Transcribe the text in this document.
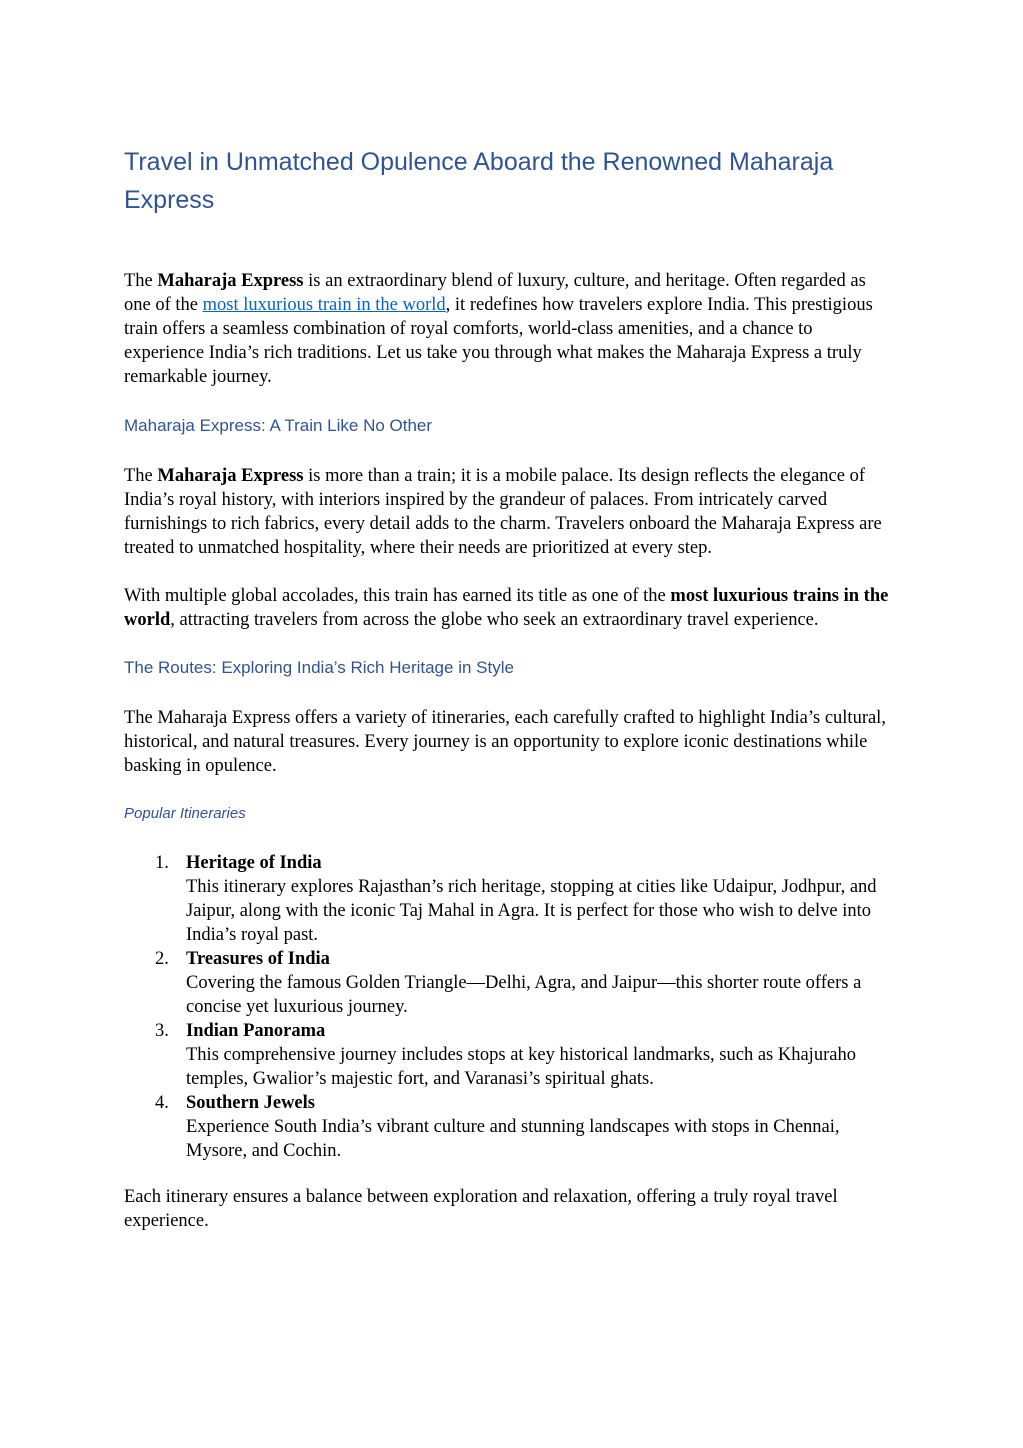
Travel in Unmatched Opulence Aboard the Renowned Maharaja Express

The Maharaja Express is an extraordinary blend of luxury, culture, and heritage. Often regarded as one of the most luxurious train in the world, it redefines how travelers explore India. This prestigious train offers a seamless combination of royal comforts, world-class amenities, and a chance to experience India’s rich traditions. Let us take you through what makes the Maharaja Express a truly remarkable journey.

Maharaja Express: A Train Like No Other

The Maharaja Express is more than a train; it is a mobile palace. Its design reflects the elegance of India’s royal history, with interiors inspired by the grandeur of palaces. From intricately carved furnishings to rich fabrics, every detail adds to the charm. Travelers onboard the Maharaja Express are treated to unmatched hospitality, where their needs are prioritized at every step.

With multiple global accolades, this train has earned its title as one of the most luxurious trains in the world, attracting travelers from across the globe who seek an extraordinary travel experience.

The Routes: Exploring India’s Rich Heritage in Style

The Maharaja Express offers a variety of itineraries, each carefully crafted to highlight India’s cultural, historical, and natural treasures. Every journey is an opportunity to explore iconic destinations while basking in opulence.

Popular Itineraries
1. Heritage of India
This itinerary explores Rajasthan’s rich heritage, stopping at cities like Udaipur, Jodhpur, and Jaipur, along with the iconic Taj Mahal in Agra. It is perfect for those who wish to delve into India’s royal past.
2. Treasures of India
Covering the famous Golden Triangle—Delhi, Agra, and Jaipur—this shorter route offers a concise yet luxurious journey.
3. Indian Panorama
This comprehensive journey includes stops at key historical landmarks, such as Khajuraho temples, Gwalior’s majestic fort, and Varanasi’s spiritual ghats.
4. Southern Jewels
Experience South India’s vibrant culture and stunning landscapes with stops in Chennai, Mysore, and Cochin.

Each itinerary ensures a balance between exploration and relaxation, offering a truly royal travel experience.
